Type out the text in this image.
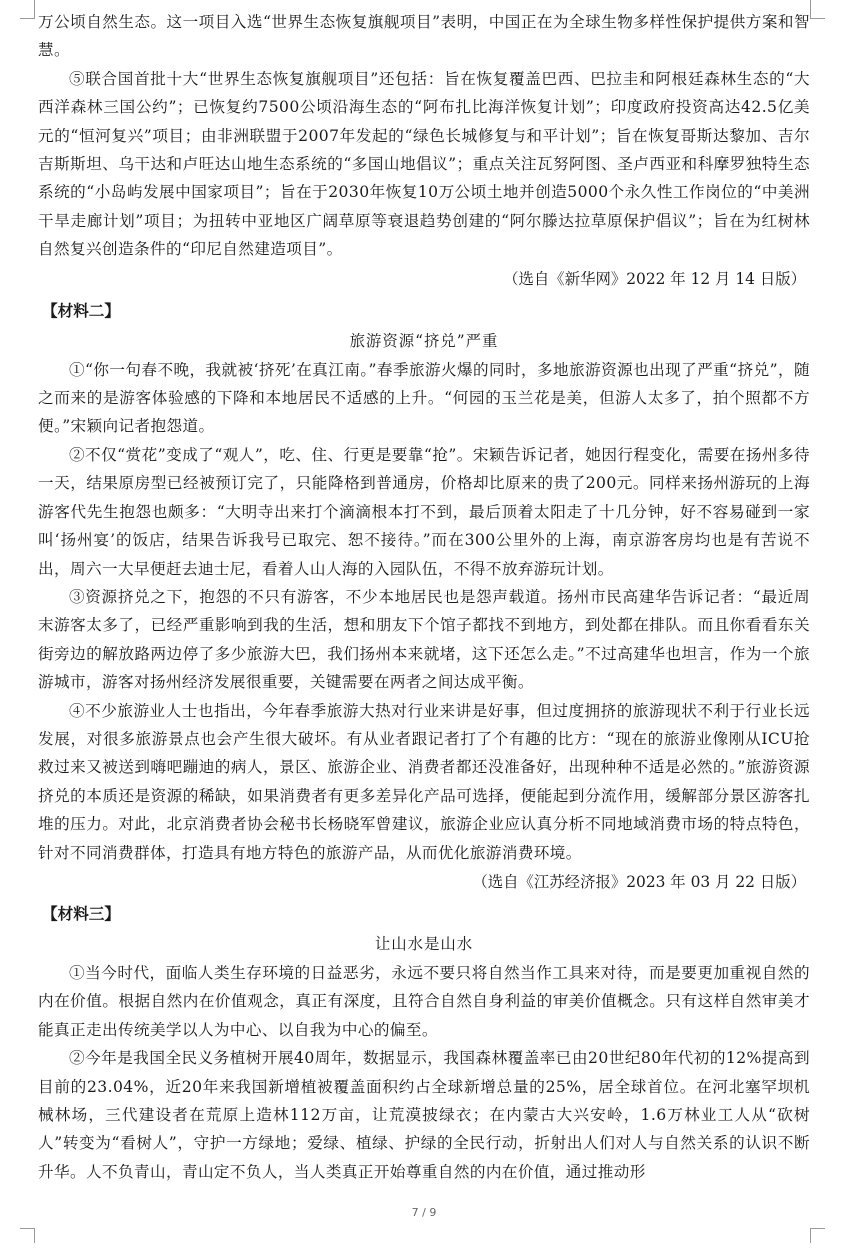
万公顷自然生态。这一项目入选“世界生态恢复旗舰项目”表明，中国正在为全球生物多样性保护提供方案和智慧。

⑤联合国首批十大“世界生态恢复旗舰项目”还包括：旨在恢复覆盖巴西、巴拉圭和阿根廷森林生态的“大西洋森林三国公约”；已恢复约7500公顷沿海生态的“阿布扎比海洋恢复计划”；印度政府投资高达42.5亿美元的“恒河复兴”项目；由非洲联盟于2007年发起的“绿色长城修复与和平计划”；旨在恢复哥斯达黎加、吉尔吉斯斯坦、乌干达和卢旺达山地生态系统的“多国山地倡议”；重点关注瓦努阿图、圣卢西亚和科摩罗独特生态系统的“小岛屿发展中国家项目”；旨在于2030年恢复10万公顷土地并创造5000个永久性工作岗位的“中美洲干旱走廊计划”项目；为扭转中亚地区广阔草原等衰退趋势创建的“阿尔滕达拉草原保护倡议”；旨在为红树林自然复兴创造条件的“印尼自然建造项目”。

（选自《新华网》2022 年 12 月 14 日版）
【材料二】
旅游资源“挤兑”严重

①“你一句春不晚，我就被‘挤死’在真江南。”春季旅游火爆的同时，多地旅游资源也出现了严重“挤兑”，随之而来的是游客体验感的下降和本地居民不适感的上升。“何园的玉兰花是美，但游人太多了，拍个照都不方便。”宋颖向记者抱怨道。

②不仅“赏花”变成了“观人”，吃、住、行更是要靠“抢”。宋颖告诉记者，她因行程变化，需要在扬州多待一天，结果原房型已经被预订完了，只能降格到普通房，价格却比原来的贵了200元。同样来扬州游玩的上海游客代先生抱怨也颇多：“大明寺出来打个滴滴根本打不到，最后顶着太阳走了十几分钟，好不容易碰到一家叫‘扬州宴’的饭店，结果告诉我号已取完、恕不接待。”而在300公里外的上海，南京游客房均也是有苦说不出，周六一大早便赶去迪士尼，看着人山人海的入园队伍，不得不放弃游玩计划。

③资源挤兑之下，抱怨的不只有游客，不少本地居民也是怨声载道。扬州市民高建华告诉记者：“最近周末游客太多了，已经严重影响到我的生活，想和朋友下个馆子都找不到地方，到处都在排队。而且你看看东关街旁边的解放路两边停了多少旅游大巴，我们扬州本来就堵，这下还怎么走。”不过高建华也坦言，作为一个旅游城市，游客对扬州经济发展很重要，关键需要在两者之间达成平衡。

④不少旅游业人士也指出，今年春季旅游大热对行业来讲是好事，但过度拥挤的旅游现状不利于行业长远发展，对很多旅游景点也会产生很大破坏。有从业者跟记者打了个有趣的比方：“现在的旅游业像刚从ICU抢救过来又被送到嗨吧蹦迪的病人，景区、旅游企业、消费者都还没准备好，出现种种不适是必然的。”旅游资源挤兑的本质还是资源的稀缺，如果消费者有更多差异化产品可选择，便能起到分流作用，缓解部分景区游客扎堆的压力。对此，北京消费者协会秘书长杨晓军曾建议，旅游企业应认真分析不同地域消费市场的特点特色，针对不同消费群体，打造具有地方特色的旅游产品，从而优化旅游消费环境。

（选自《江苏经济报》2023 年 03 月 22 日版）
【材料三】
让山水是山水

①当今时代，面临人类生存环境的日益恶劣，永远不要只将自然当作工具来对待，而是要更加重视自然的内在价值。根据自然内在价值观念，真正有深度，且符合自然自身利益的审美价值概念。只有这样自然审美才能真正走出传统美学以人为中心、以自我为中心的偏至。

②今年是我国全民义务植树开展40周年，数据显示，我国森林覆盖率已由20世纪80年代初的12%提高到目前的23.04%，近20年来我国新增植被覆盖面积约占全球新增总量的25%，居全球首位。在河北塞罕坝机械林场，三代建设者在荒原上造林112万亩，让荒漠披绿衣；在内蒙古大兴安岭，1.6万林业工人从“砍树人”转变为“看树人”，守护一方绿地；爱绿、植绿、护绿的全民行动，折射出人们对人与自然关系的认识不断升华。人不负青山，青山定不负人，当人类真正开始尊重自然的内在价值，通过推动形

7 / 9
